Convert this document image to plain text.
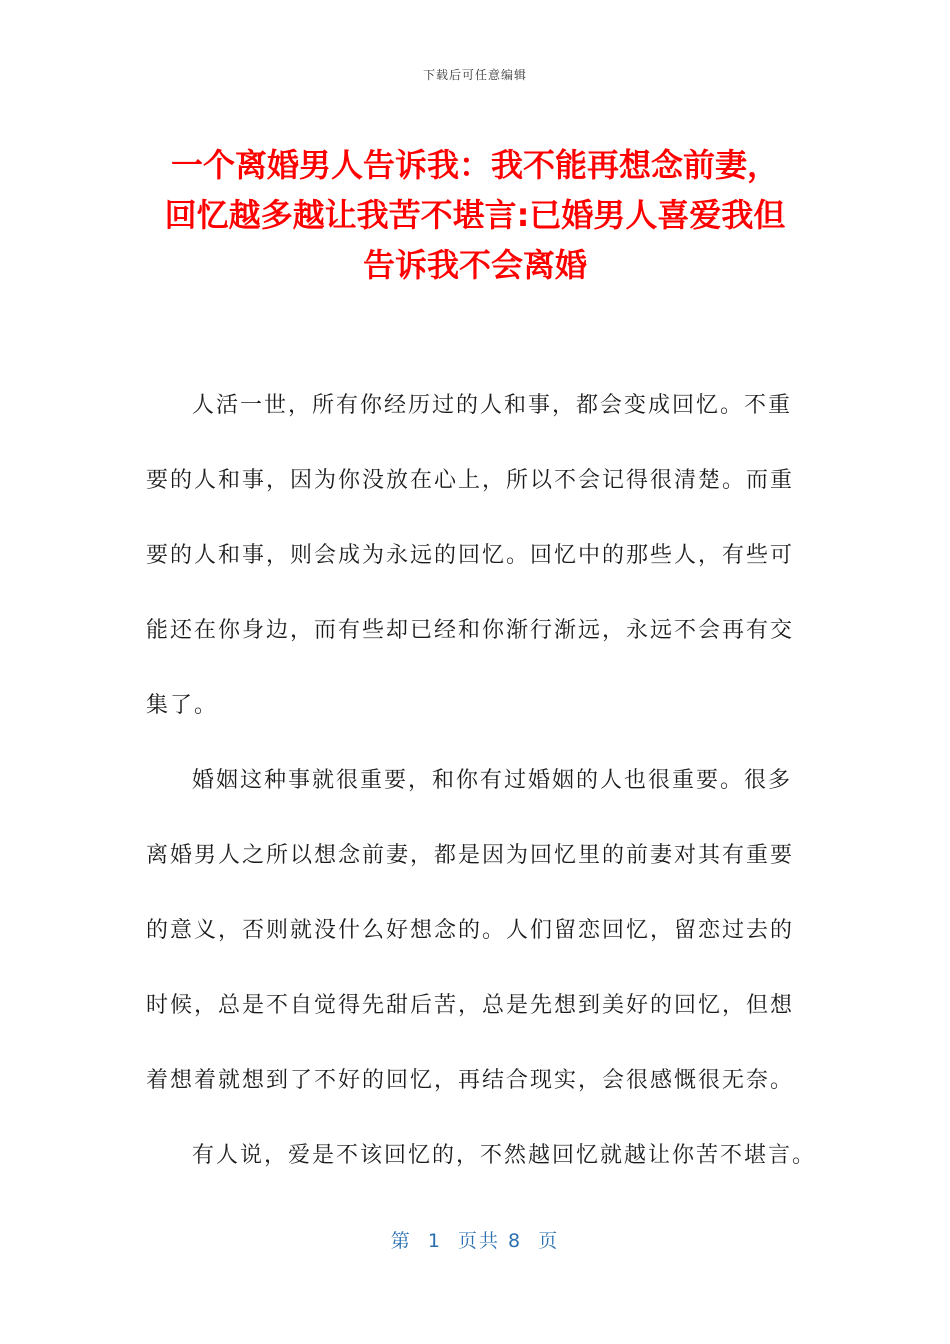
下载后可任意编辑
一个离婚男人告诉我：我不能再想念前妻，
回忆越多越让我苦不堪言:已婚男人喜爱我但
告诉我不会离婚

人活一世，所有你经历过的人和事，都会变成回忆。不重
要的人和事，因为你没放在心上，所以不会记得很清楚。而重
要的人和事，则会成为永远的回忆。回忆中的那些人，有些可
能还在你身边，而有些却已经和你渐行渐远，永远不会再有交
集了。

婚姻这种事就很重要，和你有过婚姻的人也很重要。很多
离婚男人之所以想念前妻，都是因为回忆里的前妻对其有重要
的意义，否则就没什么好想念的。人们留恋回忆，留恋过去的
时候，总是不自觉得先甜后苦，总是先想到美好的回忆，但想
着想着就想到了不好的回忆，再结合现实，会很感慨很无奈。

有人说，爱是不该回忆的，不然越回忆就越让你苦不堪言。

第  1  页共 8  页
